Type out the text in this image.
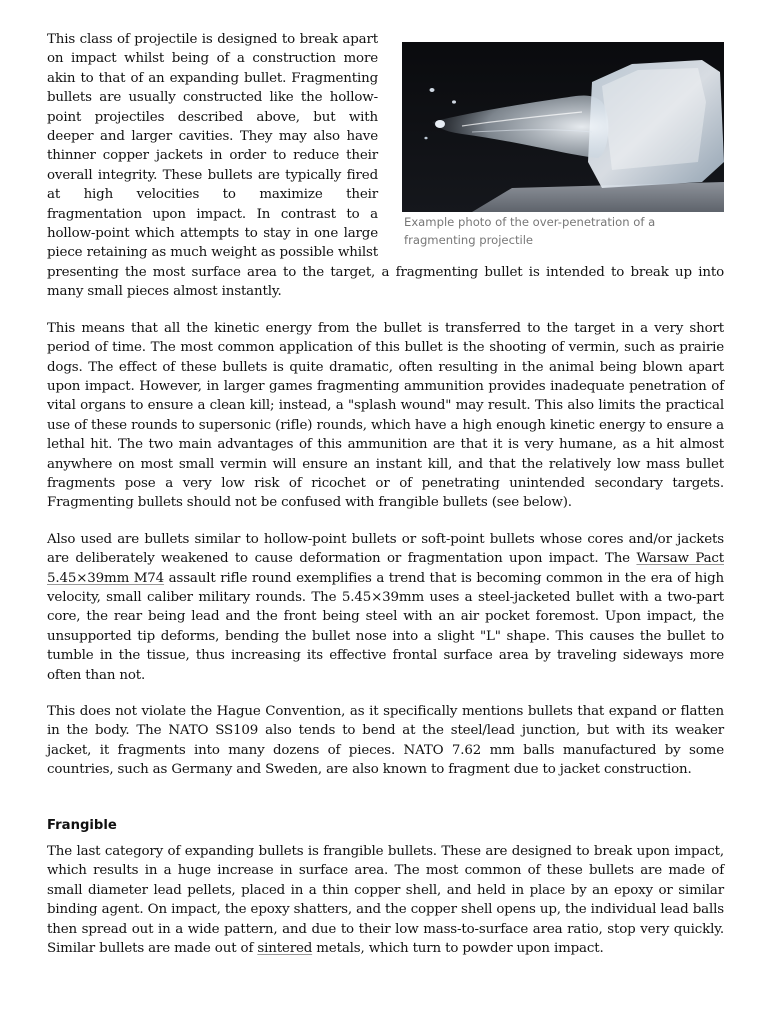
Example photo of the over-penetration of a fragmenting projectile

This class of projectile is designed to break apart on impact whilst being of a construction more akin to that of an expanding bullet. Fragmenting bullets are usually constructed like the hollow-point projectiles described above, but with deeper and larger cavities. They may also have thinner copper jackets in order to reduce their overall integrity. These bullets are typically fired at high velocities to maximize their fragmentation upon impact. In contrast to a hollow-point which attempts to stay in one large piece retaining as much weight as possible whilst presenting the most surface area to the target, a fragmenting bullet is intended to break up into many small pieces almost instantly.

This means that all the kinetic energy from the bullet is transferred to the target in a very short period of time. The most common application of this bullet is the shooting of vermin, such as prairie dogs. The effect of these bullets is quite dramatic, often resulting in the animal being blown apart upon impact. However, in larger games fragmenting ammunition provides inadequate penetration of vital organs to ensure a clean kill; instead, a "splash wound" may result. This also limits the practical use of these rounds to supersonic (rifle) rounds, which have a high enough kinetic energy to ensure a lethal hit. The two main advantages of this ammunition are that it is very humane, as a hit almost anywhere on most small vermin will ensure an instant kill, and that the relatively low mass bullet fragments pose a very low risk of ricochet or of penetrating unintended secondary targets. Fragmenting bullets should not be confused with frangible bullets (see below).

Also used are bullets similar to hollow-point bullets or soft-point bullets whose cores and/or jackets are deliberately weakened to cause deformation or fragmentation upon impact. The Warsaw Pact 5.45×39mm M74 assault rifle round exemplifies a trend that is becoming common in the era of high velocity, small caliber military rounds. The 5.45×39mm uses a steel-jacketed bullet with a two-part core, the rear being lead and the front being steel with an air pocket foremost. Upon impact, the unsupported tip deforms, bending the bullet nose into a slight "L" shape. This causes the bullet to tumble in the tissue, thus increasing its effective frontal surface area by traveling sideways more often than not.

This does not violate the Hague Convention, as it specifically mentions bullets that expand or flatten in the body. The NATO SS109 also tends to bend at the steel/lead junction, but with its weaker jacket, it fragments into many dozens of pieces. NATO 7.62 mm balls manufactured by some countries, such as Germany and Sweden, are also known to fragment due to jacket construction.

Frangible

The last category of expanding bullets is frangible bullets. These are designed to break upon impact, which results in a huge increase in surface area. The most common of these bullets are made of small diameter lead pellets, placed in a thin copper shell, and held in place by an epoxy or similar binding agent. On impact, the epoxy shatters, and the copper shell opens up, the individual lead balls then spread out in a wide pattern, and due to their low mass-to-surface area ratio, stop very quickly. Similar bullets are made out of sintered metals, which turn to powder upon impact.
